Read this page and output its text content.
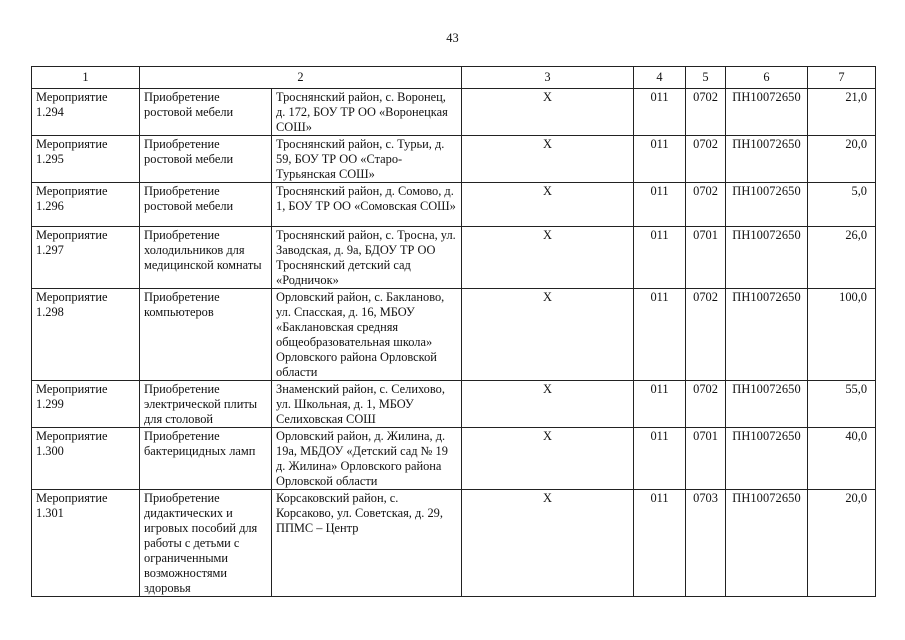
43
1	2		3	4	5	6	7
Мероприятие 1.294	Приобретение ростовой мебели	Троснянский район, с. Воронец, д. 172, БОУ ТР ОО «Воронецкая СОШ»	Х	011	0702	ПН10072650	21,0
Мероприятие 1.295	Приобретение ростовой мебели	Троснянский район, с. Турьи, д. 59, БОУ ТР ОО «Старо-Турьянская СОШ»	Х	011	0702	ПН10072650	20,0
Мероприятие 1.296	Приобретение ростовой мебели	Троснянский район, д. Сомово, д. 1, БОУ ТР ОО «Сомовская СОШ»	Х	011	0702	ПН10072650	5,0
Мероприятие 1.297	Приобретение холодильников для медицинской комнаты	Троснянский район, с. Тросна, ул. Заводская, д. 9а, БДОУ ТР ОО Троснянский детский сад «Родничок»	Х	011	0701	ПН10072650	26,0
Мероприятие 1.298	Приобретение компьютеров	Орловский район, с. Бакланово, ул. Спасская, д. 16, МБОУ «Баклановская средняя общеобразовательная школа» Орловского района Орловской области	Х	011	0702	ПН10072650	100,0
Мероприятие 1.299	Приобретение электрической плиты для столовой	Знаменский район, с. Селихово, ул. Школьная, д. 1, МБОУ Селиховская СОШ	Х	011	0702	ПН10072650	55,0
Мероприятие 1.300	Приобретение бактерицидных ламп	Орловский район, д. Жилина, д. 19а, МБДОУ «Детский сад № 19 д. Жилина» Орловского района Орловской области	Х	011	0701	ПН10072650	40,0
Мероприятие 1.301	Приобретение дидактических и игровых пособий для работы с детьми с ограниченными возможностями здоровья	Корсаковский район, с. Корсаково, ул. Советская, д. 29, ППМС – Центр	Х	011	0703	ПН10072650	20,0
